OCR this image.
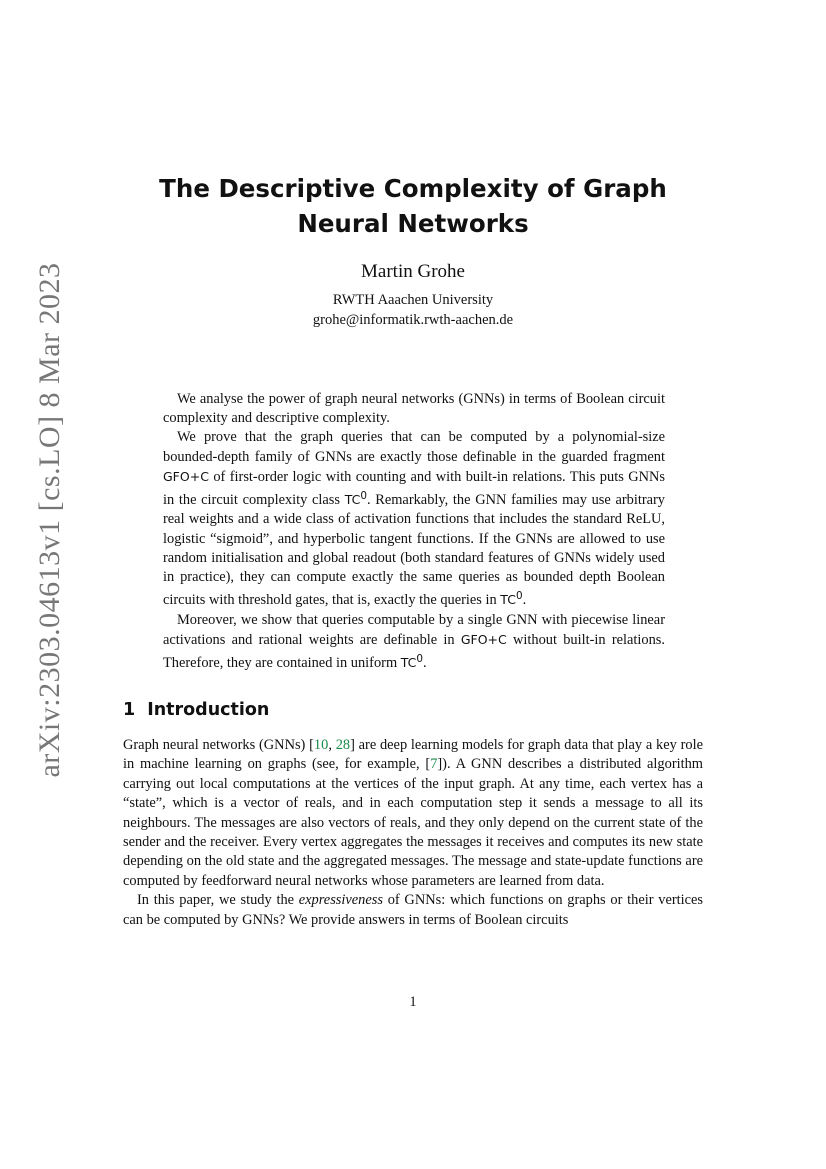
arXiv:2303.04613v1 [cs.LO] 8 Mar 2023
The Descriptive Complexity of Graph
Neural Networks
Martin Grohe
RWTH Aaachen University
grohe@informatik.rwth-aachen.de

We analyse the power of graph neural networks (GNNs) in terms of Boolean circuit complexity and descriptive complexity.

We prove that the graph queries that can be computed by a polynomial-size bounded-depth family of GNNs are exactly those definable in the guarded fragment GFO+C of first-order logic with counting and with built-in relations. This puts GNNs in the circuit complexity class $TC^0$. Remarkably, the GNN families may use arbitrary real weights and a wide class of activation functions that includes the standard ReLU, logistic “sigmoid”, and hyperbolic tangent functions. If the GNNs are allowed to use random initialisation and global readout (both standard features of GNNs widely used in practice), they can compute exactly the same queries as bounded depth Boolean circuits with threshold gates, that is, exactly the queries in $TC^0$.

Moreover, we show that queries computable by a single GNN with piecewise linear activations and rational weights are definable in GFO+C without built-in relations. Therefore, they are contained in uniform $TC^0$.

1 Introduction

Graph neural networks (GNNs) [10, 28] are deep learning models for graph data that play a key role in machine learning on graphs (see, for example, [7]). A GNN describes a distributed algorithm carrying out local computations at the vertices of the input graph. At any time, each vertex has a “state”, which is a vector of reals, and in each computation step it sends a message to all its neighbours. The messages are also vectors of reals, and they only depend on the current state of the sender and the receiver. Every vertex aggregates the messages it receives and computes its new state depending on the old state and the aggregated messages. The message and state-update functions are computed by feedforward neural networks whose parameters are learned from data.

In this paper, we study the expressiveness of GNNs: which functions on graphs or their vertices can be computed by GNNs? We provide answers in terms of Boolean circuits

1
